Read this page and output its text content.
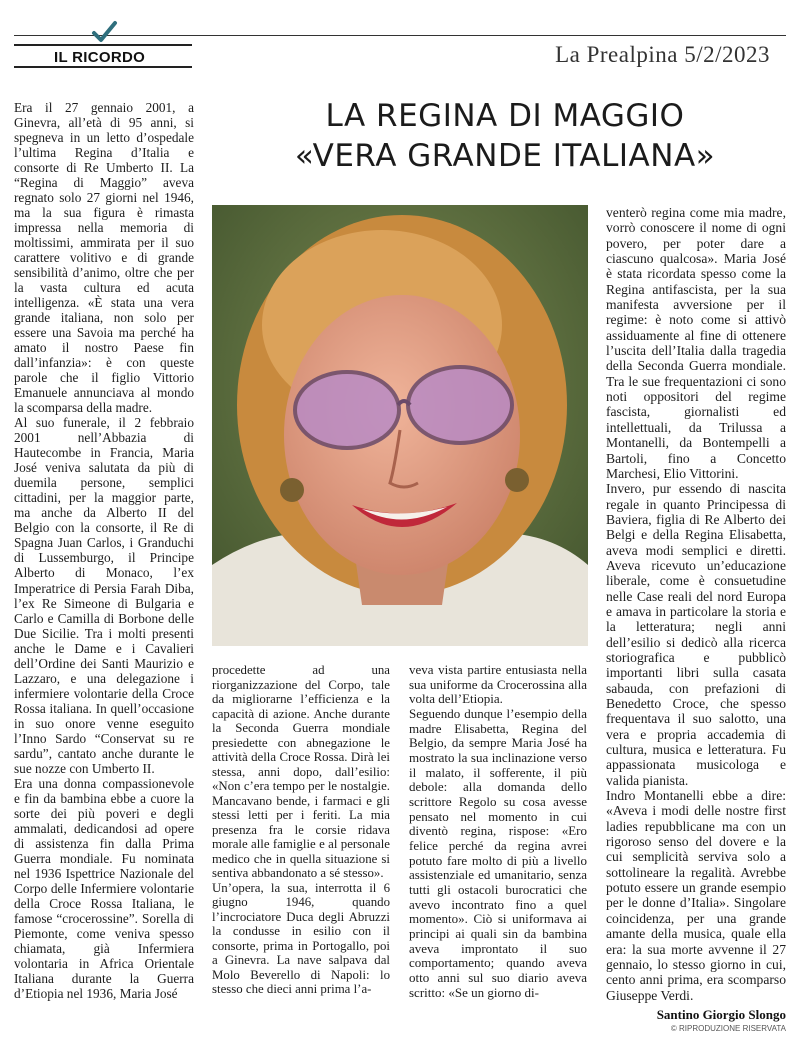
IL RICORDO	La Prealpina 5/2/2023
LA REGINA DI MAGGIO
«VERA GRANDE ITALIANA»
Era il 27 gennaio 2001, a Ginevra, all’età di 95 anni, si spegneva in un letto d’ospedale l’ultima Regina d’Italia e consorte di Re Umberto II. La “Regina di Maggio” aveva regnato solo 27 giorni nel 1946, ma la sua figura è rimasta impressa nella memoria di moltissimi, ammirata per il suo carattere volitivo e di grande sensibilità d’animo, oltre che per la vasta cultura ed acuta intelligenza. «È stata una vera grande italiana, non solo per essere una Savoia ma perché ha amato il nostro Paese fin dall’infanzia»: è con queste parole che il figlio Vittorio Emanuele annunciava al mondo la scomparsa della madre.
Al suo funerale, il 2 febbraio 2001 nell’Abbazia di Hautecombe in Francia, Maria José veniva salutata da più di duemila persone, semplici cittadini, per la maggior parte, ma anche da Alberto II del Belgio con la consorte, il Re di Spagna Juan Carlos, i Granduchi di Lussemburgo, il Principe Alberto di Monaco, l’ex Imperatrice di Persia Farah Diba, l’ex Re Simeone di Bulgaria e Carlo e Camilla di Borbone delle Due Sicilie. Tra i molti presenti anche le Dame e i Cavalieri dell’Ordine dei Santi Maurizio e Lazzaro, e una delegazione i infermiere volontarie della Croce Rossa italiana. In quell’occasione in suo onore venne eseguito l’Inno Sardo “Conservat su re sardu”, cantato anche durante le sue nozze con Umberto II.
Era una donna compassionevole e fin da bambina ebbe a cuore la sorte dei più poveri e degli ammalati, dedicandosi ad opere di assistenza fin dalla Prima Guerra mondiale. Fu nominata nel 1936 Ispettrice Nazionale del Corpo delle Infermiere volontarie della Croce Rossa Italiana, le famose “crocerossine”. Sorella di Piemonte, come veniva spesso chiamata, già Infermiera volontaria in Africa Orientale Italiana durante la Guerra d’Etiopia nel 1936, Maria José
venterò regina come mia madre, vorrò conoscere il nome di ogni povero, per poter dare a ciascuno qualcosa». Maria José è stata ricordata spesso come la Regina antifascista, per la sua manifesta avversione per il regime: è noto come si attivò assiduamente al fine di ottenere l’uscita dell’Italia dalla tragedia della Seconda Guerra mondiale. Tra le sue frequentazioni ci sono noti oppositori del regime fascista, giornalisti ed intellettuali, da Trilussa a Montanelli, da Bontempelli a Bartoli, fino a Concetto Marchesi, Elio Vittorini.
Invero, pur essendo di nascita regale in quanto Principessa di Baviera, figlia di Re Alberto dei Belgi e della Regina Elisabetta, aveva modi semplici e diretti. Aveva ricevuto un’educazione liberale, come è consuetudine nelle Case reali del nord Europa e amava in particolare la storia e la letteratura; negli anni dell’esilio si dedicò alla ricerca storiografica e pubblicò importanti libri sulla casata sabauda, con prefazioni di Benedetto Croce, che spesso frequentava il suo salotto, una vera e propria accademia di cultura, musica e letteratura. Fu appassionata musicologa e valida pianista.
Indro Montanelli ebbe a dire: «Aveva i modi delle nostre first ladies repubblicane ma con un rigoroso senso del dovere e la cui semplicità serviva solo a sottolineare la regalità. Avrebbe potuto essere un grande esempio per le donne d’Italia». Singolare coincidenza, per una grande amante della musica, quale ella era: la sua morte avvenne il 27 gennaio, lo stesso giorno in cui, cento anni prima, era scomparso Giuseppe Verdi.
procedette ad una riorganizzazione del Corpo, tale da migliorarne l’efficienza e la capacità di azione. Anche durante la Seconda Guerra mondiale presiedette con abnegazione le attività della Croce Rossa. Dirà lei stessa, anni dopo, dall’esilio: «Non c’era tempo per le nostalgie. Mancavano bende, i farmaci e gli stessi letti per i feriti. La mia presenza fra le corsie ridava morale alle famiglie e al personale medico che in quella situazione si sentiva abbandonato a sé stesso».
Un’opera, la sua, interrotta il 6 giugno 1946, quando l’incrociatore Duca degli Abruzzi la condusse in esilio con il consorte, prima in Portogallo, poi a Ginevra. La nave salpava dal Molo Beverello di Napoli: lo stesso che dieci anni prima l’a-
veva vista partire entusiasta nella sua uniforme da Crocerossina alla volta dell’Etiopia.
Seguendo dunque l’esempio della madre Elisabetta, Regina del Belgio, da sempre Maria José ha mostrato la sua inclinazione verso il malato, il sofferente, il più debole: alla domanda dello scrittore Regolo su cosa avesse pensato nel momento in cui diventò regina, rispose: «Ero felice perché da regina avrei potuto fare molto di più a livello assistenziale ed umanitario, senza tutti gli ostacoli burocratici che avevo incontrato fino a quel momento». Ciò si uniformava ai principi ai quali sin da bambina aveva improntato il suo comportamento; quando aveva otto anni sul suo diario aveva scritto: «Se un giorno di-
Santino Giorgio Slongo
© RIPRODUZIONE RISERVATA
